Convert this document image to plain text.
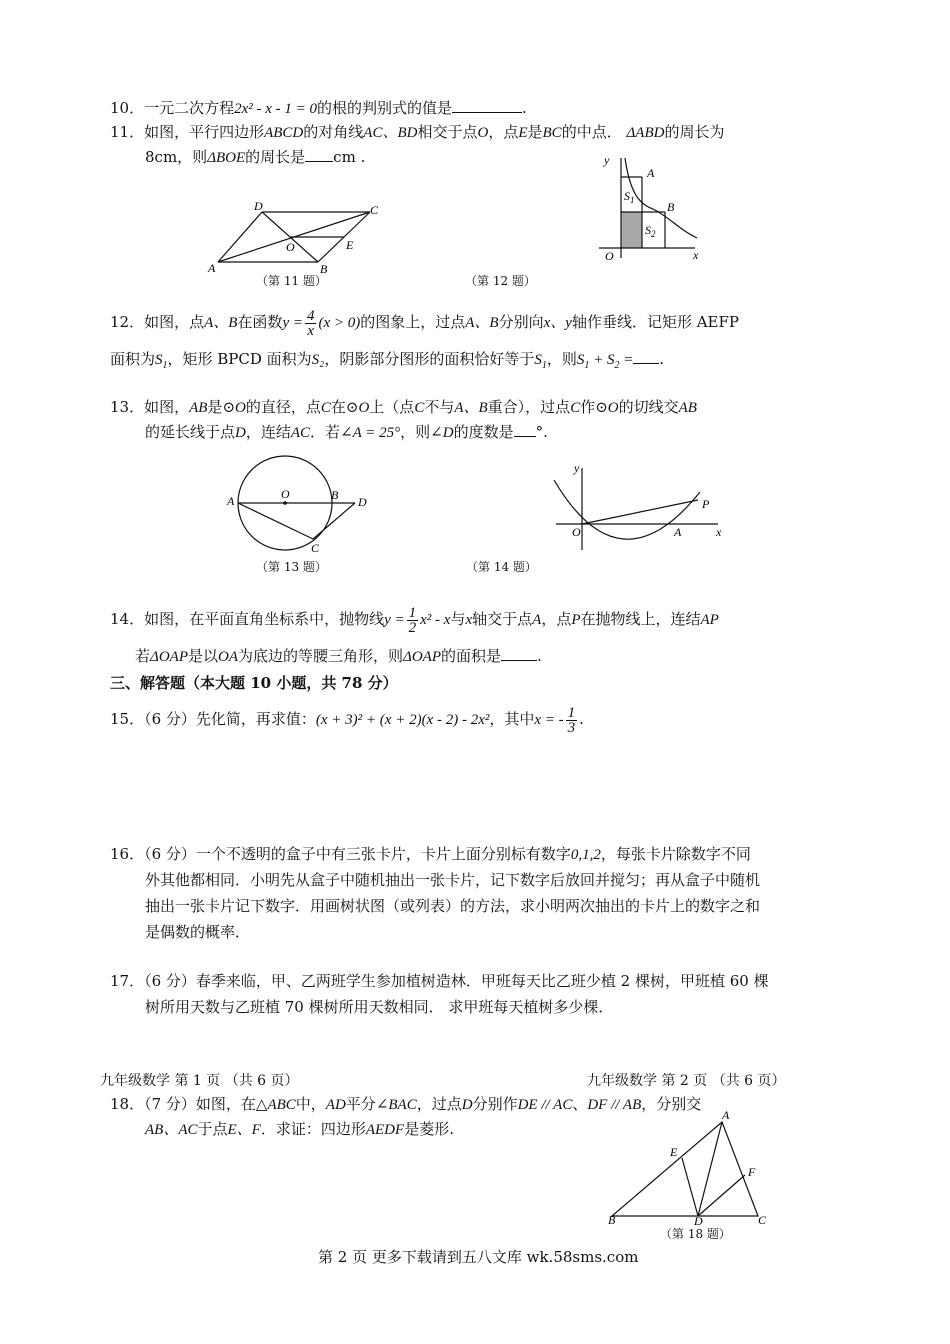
10．一元二次方程2x² - x - 1 = 0的根的判别式的值是	.
11．如图，平行四边形ABCD的对角线AC、BD相交于点O，点E是BC的中点． ΔABD的周长为
8cm，则ΔBOE的周长是 cm .
A	B
C
D
O	E
（第 11 题）
y
x
O
A
B
$S_1$
$S_2$
（第 12 题）
12．如图，点A、B在函数$y = \frac{4}{x} (x > 0)$的图象上，过点A、B分别向x、y轴作垂线．记矩形 AEFP
面积为$S_1$，矩形 BPCD 面积为S₂，阴影部分图形的面积恰好等于$S_1$，则$S_1 + S_2$ = .
13．如图，AB是⊙O的直径，点C在⊙O上（点C不与A、B重合），过点C作⊙O的切线交AB
的延长线于点D，连结AC．若∠A = 25°，则∠D的度数是 °.
A	O	B D
C
（第 13 题）
y
x
O	A
P
（第 14 题）
14．如图，在平面直角坐标系中，抛物线$y = \frac{1}{2} x^2 - x$与x轴交于点A，点P在抛物线上，连结AP
若ΔOAP是以OA为底边的等腰三角形，则ΔOAP的面积是 .
三、解答题（本大题 10 小题，共 78 分）
15．（6 分）先化简，再求值：(x + 3)² + (x + 2)(x - 2) - 2x²，其中x = - $\frac{1}{3}$ .
16．（6 分）一个不透明的盒子中有三张卡片，卡片上面分别标有数字0,1,2，每张卡片除数字不同
外其他都相同．小明先从盒子中随机抽出一张卡片，记下数字后放回并搅匀；再从盒子中随机
抽出一张卡片记下数字．用画树状图（或列表）的方法，求小明两次抽出的卡片上的数字之和
是偶数的概率．
17．（6 分）春季来临，甲、乙两班学生参加植树造林．甲班每天比乙班少植 2 棵树，甲班植 60 棵
树所用天数与乙班植 70 棵树所用天数相同． 求甲班每天植树多少棵．
九年级数学 第 1 页 （共 6 页）	九年级数学 第 2 页 （共 6 页）
18．（7 分）如图，在△ABC中，AD平分∠BAC，过点D分别作DE // AC、DF // AB，分别交
AB、AC于点E、F．求证：四边形AEDF是菱形.
A
B	C
D
E
F
（第 18 题）
第 2 页 更多下载请到五八文库 wk.58sms.com
